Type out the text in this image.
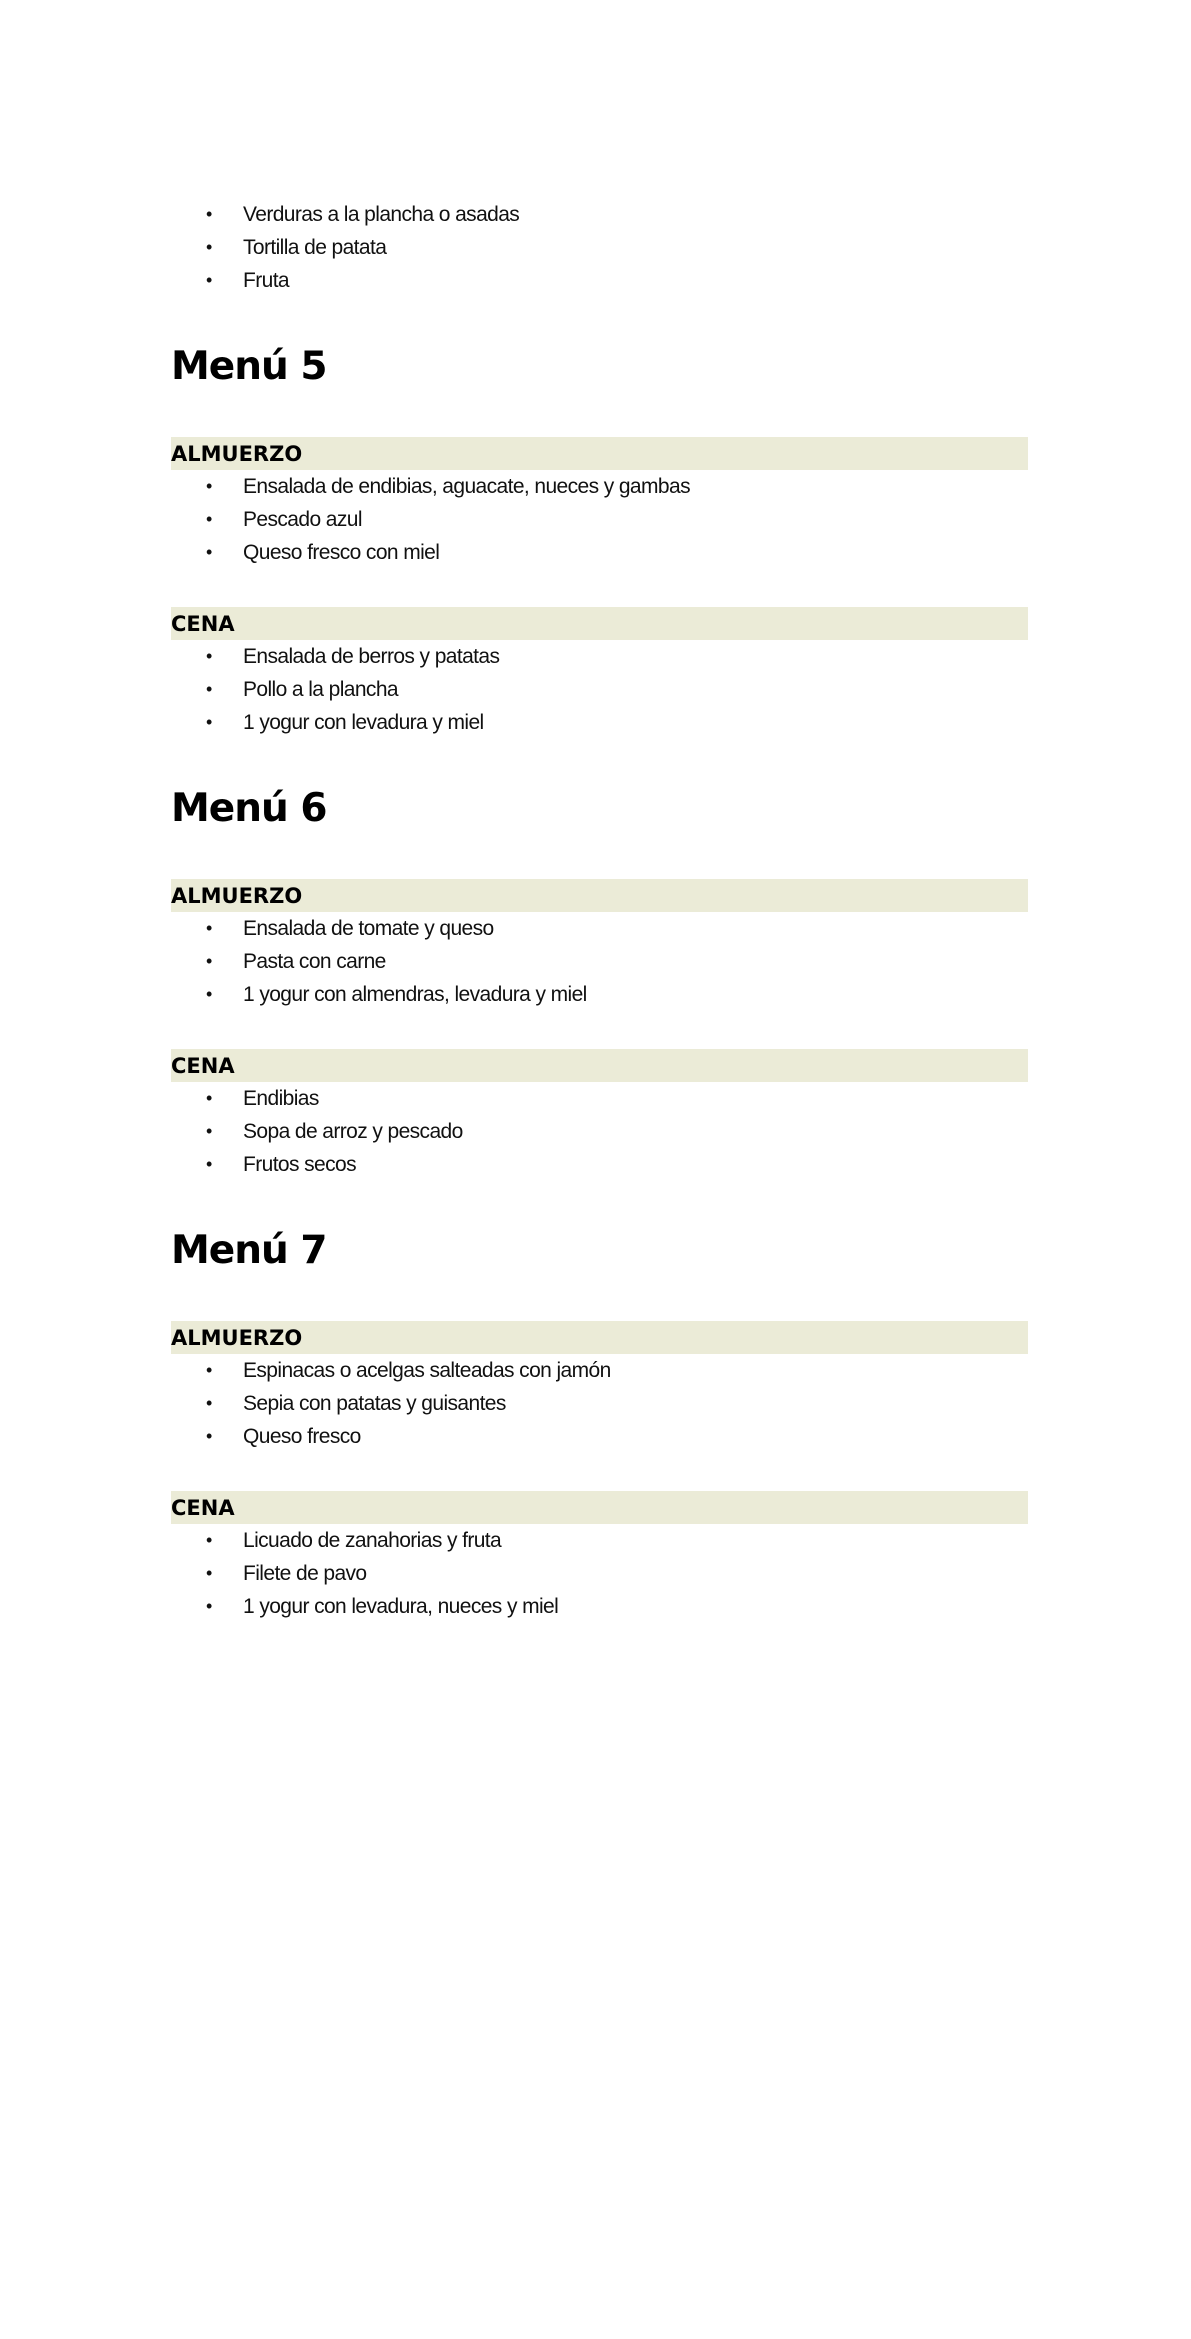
• Verduras a la plancha o asadas
• Tortilla de patata
• Fruta
Menú 5
ALMUERZO
• Ensalada de endibias, aguacate, nueces y gambas
• Pescado azul
• Queso fresco con miel
CENA
• Ensalada de berros y patatas
• Pollo a la plancha
• 1 yogur con levadura y miel
Menú 6
ALMUERZO
• Ensalada de tomate y queso
• Pasta con carne
• 1 yogur con almendras, levadura y miel
CENA
• Endibias
• Sopa de arroz y pescado
• Frutos secos
Menú 7
ALMUERZO
• Espinacas o acelgas salteadas con jamón
• Sepia con patatas y guisantes
• Queso fresco
CENA
• Licuado de zanahorias y fruta
• Filete de pavo
• 1 yogur con levadura, nueces y miel
